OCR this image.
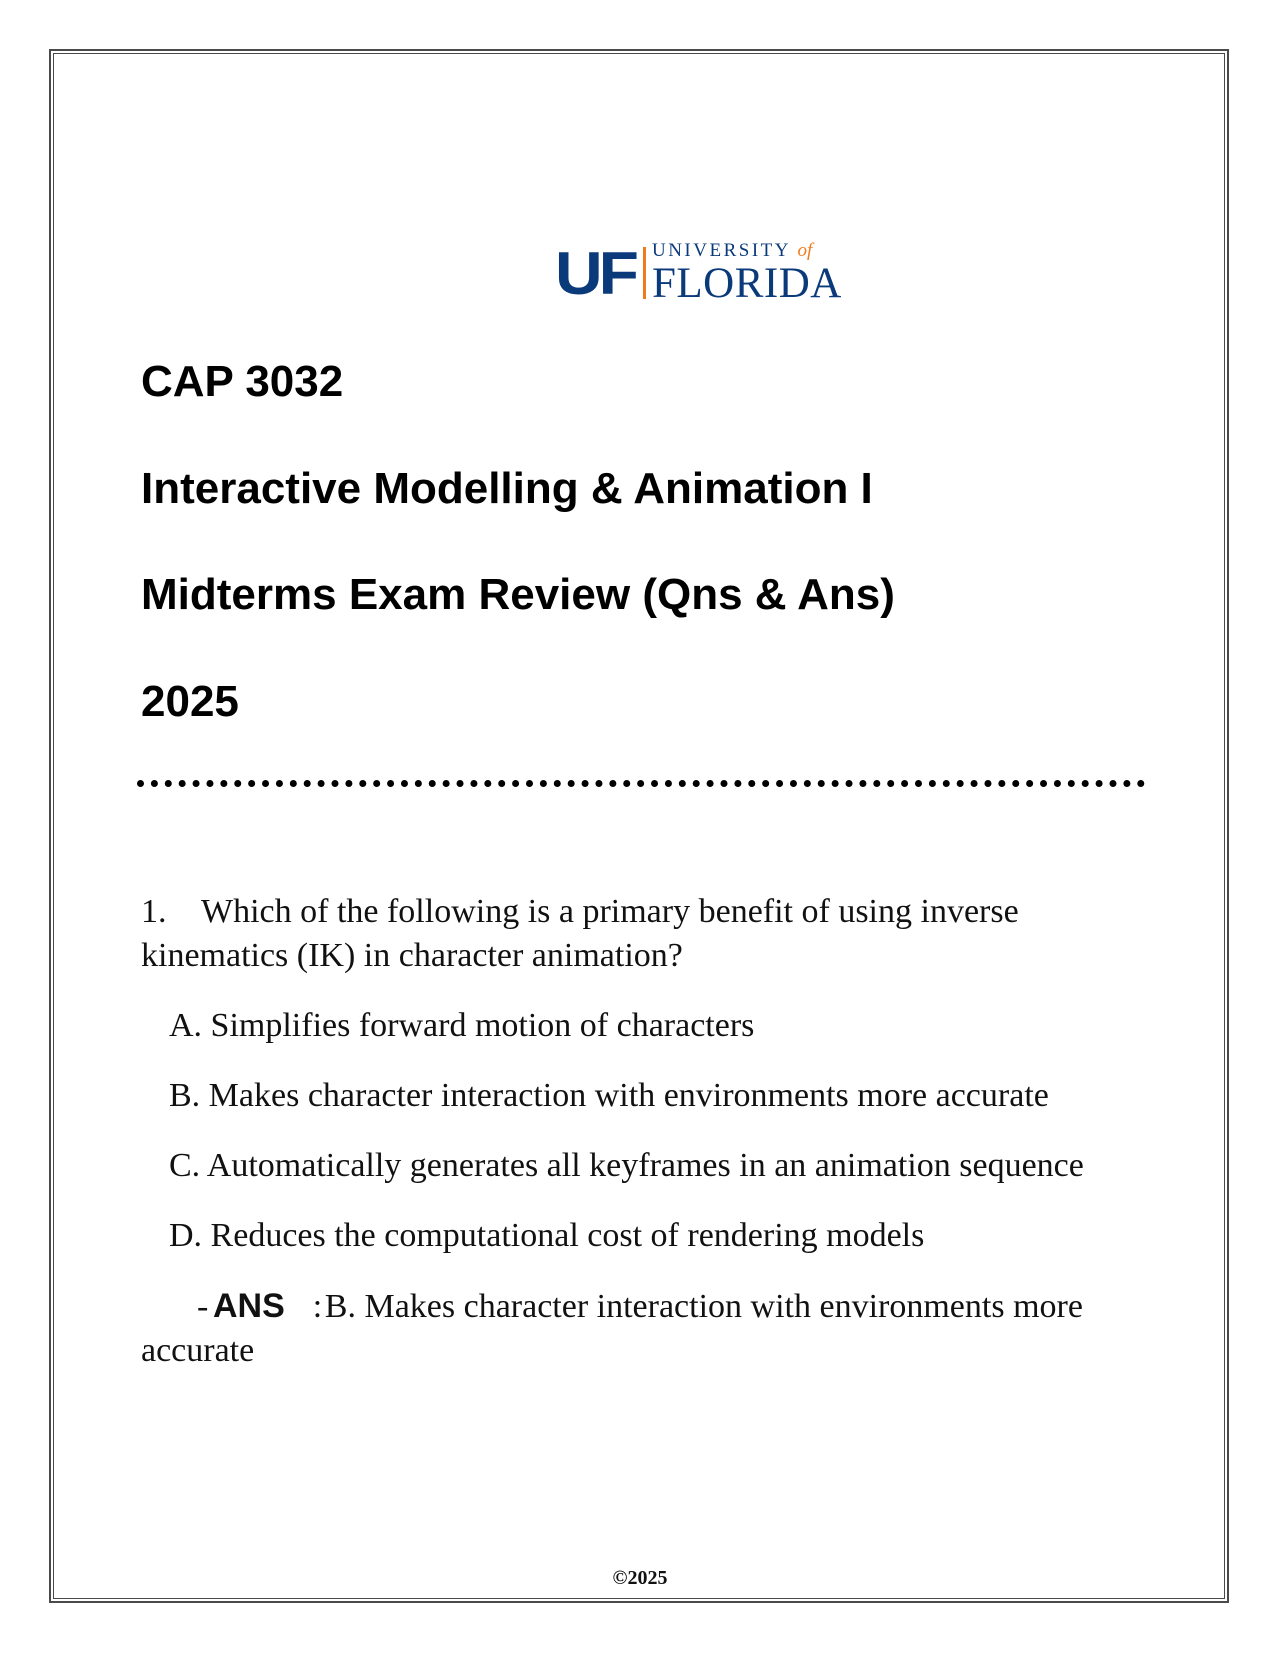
UF UNIVERSITY of
FLORIDA
CAP 3032
Interactive Modelling & Animation I
Midterms Exam Review (Qns & Ans)
2025

1. Which of the following is a primary benefit of using inverse kinematics (IK) in character animation?

A. Simplifies forward motion of characters

B. Makes character interaction with environments more accurate

C. Automatically generates all keyframes in an animation sequence

D. Reduces the computational cost of rendering models

- ANS :B. Makes character interaction with environments more accurate

©2025
